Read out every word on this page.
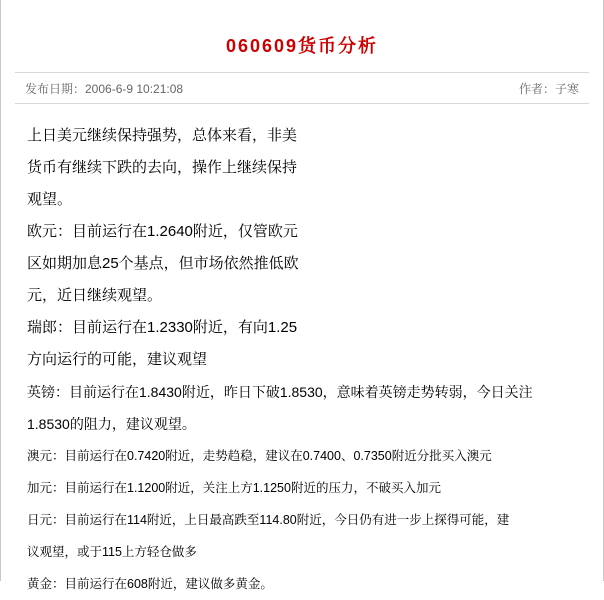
060609货币分析
发布日期：2006-6-9 10:21:08	作者：子寒

上日美元继续保持强势，总体来看，非美
货币有继续下跌的去向，操作上继续保持
观望。

欧元：目前运行在1.2640附近，仅管欧元
区如期加息25个基点，但市场依然推低欧
元，近日继续观望。

瑞郎：目前运行在1.2330附近，有向1.25
方向运行的可能，建议观望

英镑：目前运行在1.8430附近，昨日下破1.8530，意味着英镑走势转弱，今日关注
1.8530的阻力，建议观望。

澳元：目前运行在0.7420附近，走势趋稳，建议在0.7400、0.7350附近分批买入澳元

加元：目前运行在1.1200附近，关注上方1.1250附近的压力，不破买入加元

日元：目前运行在114附近，上日最高跌至114.80附近，今日仍有进一步上探得可能，建
议观望，或于115上方轻仓做多

黄金：目前运行在608附近，建议做多黄金。
